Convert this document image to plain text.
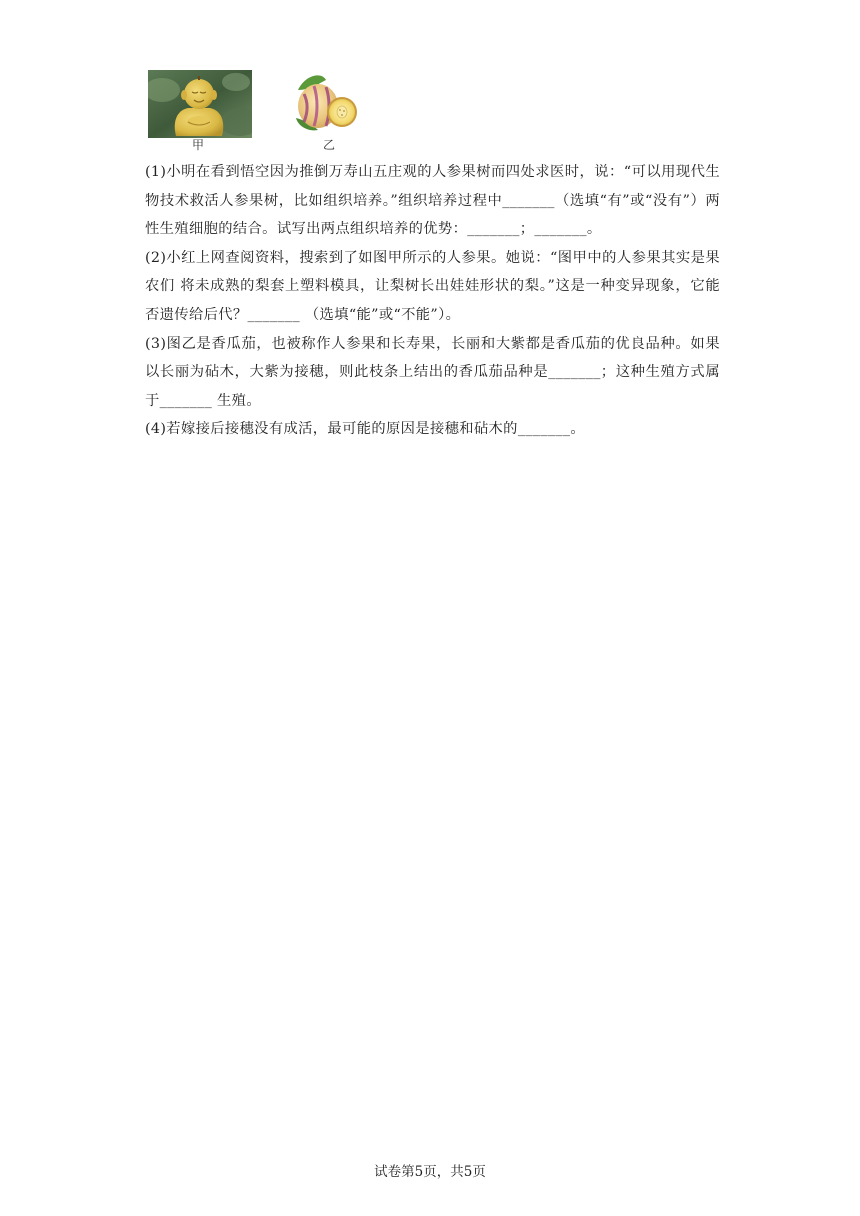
甲	乙

(1)小明在看到悟空因为推倒万寿山五庄观的人参果树而四处求医时，说：“可以用现代生物技术救活人参果树，比如组织培养。”组织培养过程中_______（选填“有”或“没有”）两性生殖细胞的结合。试写出两点组织培养的优势：_______；_______。

(2)小红上网查阅资料，搜索到了如图甲所示的人参果。她说：“图甲中的人参果其实是果农们 将未成熟的梨套上塑料模具，让梨树长出娃娃形状的梨。”这是一种变异现象，它能否遗传给后代？_______ （选填“能”或“不能”）。

(3)图乙是香瓜茄，也被称作人参果和长寿果，长丽和大紫都是香瓜茄的优良品种。如果以长丽为砧木，大紫为接穗，则此枝条上结出的香瓜茄品种是_______；这种生殖方式属于_______ 生殖。

(4)若嫁接后接穗没有成活，最可能的原因是接穗和砧木的_______。

试卷第5页，共5页
